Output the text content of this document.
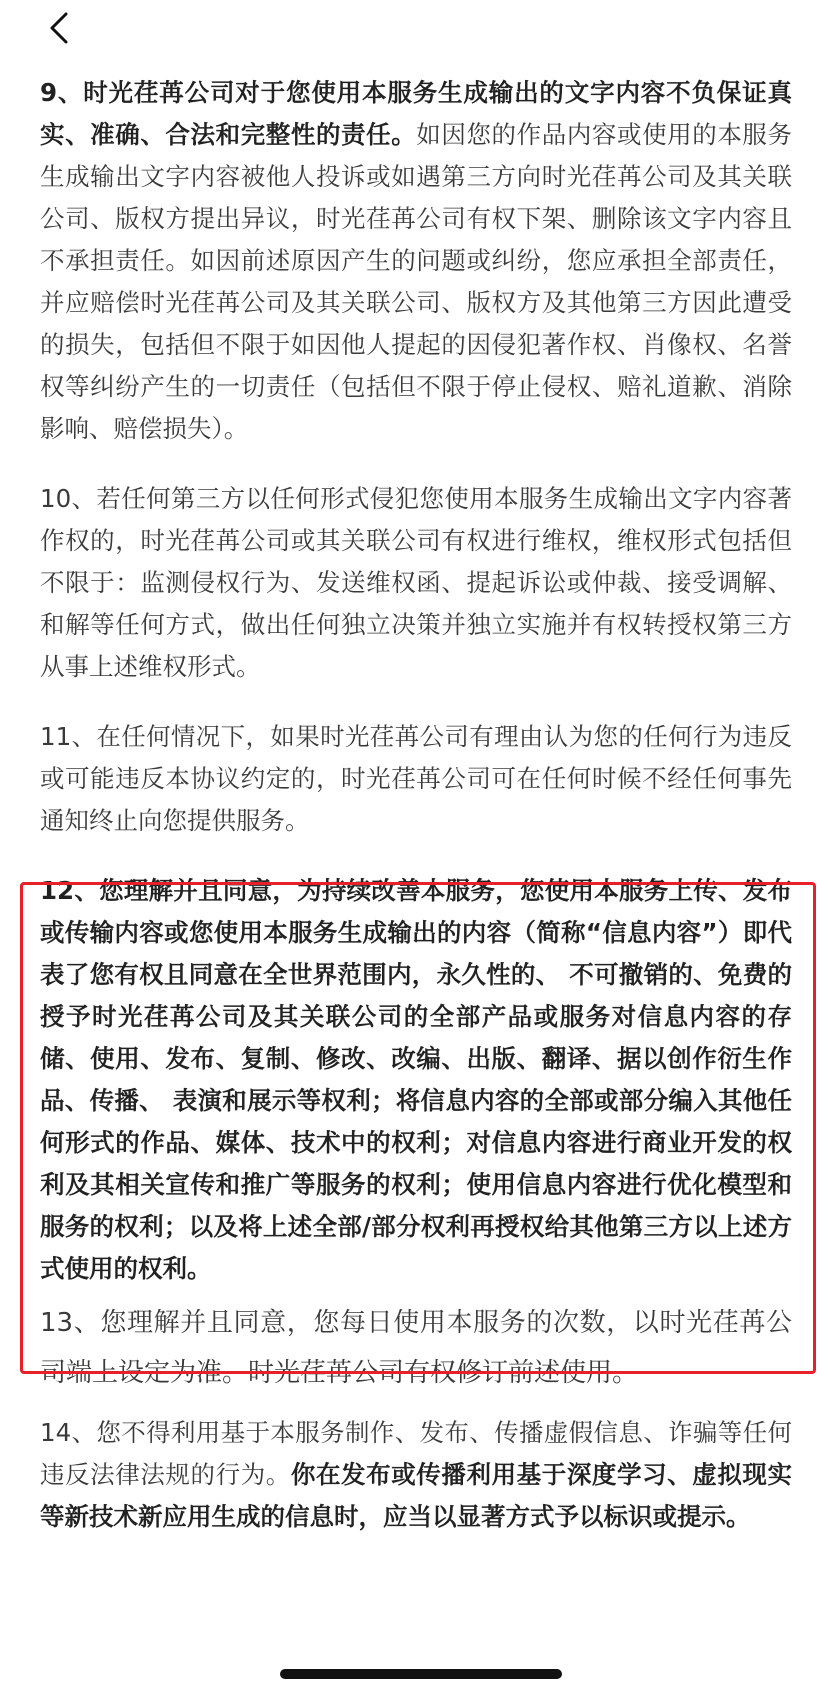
9、时光荏苒公司对于您使用本服务生成输出的文字内容不负保证真实、准确、合法和完整性的责任。如因您的作品内容或使用的本服务生成输出文字内容被他人投诉或如遇第三方向时光荏苒公司及其关联公司、版权方提出异议，时光荏苒公司有权下架、删除该文字内容且不承担责任。如因前述原因产生的问题或纠纷，您应承担全部责任，并应赔偿时光荏苒公司及其关联公司、版权方及其他第三方因此遭受的损失，包括但不限于如因他人提起的因侵犯著作权、肖像权、名誉权等纠纷产生的一切责任（包括但不限于停止侵权、赔礼道歉、消除影响、赔偿损失）。

10、若任何第三方以任何形式侵犯您使用本服务生成输出文字内容著作权的，时光荏苒公司或其关联公司有权进行维权，维权形式包括但不限于：监测侵权行为、发送维权函、提起诉讼或仲裁、接受调解、和解等任何方式，做出任何独立决策并独立实施并有权转授权第三方从事上述维权形式。

11、在任何情况下，如果时光荏苒公司有理由认为您的任何行为违反或可能违反本协议约定的，时光荏苒公司可在任何时候不经任何事先通知终止向您提供服务。

12、您理解并且同意，为持续改善本服务，您使用本服务上传、发布或传输内容或您使用本服务生成输出的内容（简称“信息内容”）即代表了您有权且同意在全世界范围内，永久性的、 不可撤销的、免费的授予时光荏苒公司及其关联公司的全部产品或服务对信息内容的存储、使用、发布、复制、修改、改编、出版、翻译、据以创作衍生作品、传播、 表演和展示等权利；将信息内容的全部或部分编入其他任何形式的作品、媒体、技术中的权利；对信息内容进行商业开发的权利及其相关宣传和推广等服务的权利；使用信息内容进行优化模型和服务的权利；以及将上述全部/部分权利再授权给其他第三方以上述方式使用的权利。

13、您理解并且同意，您每日使用本服务的次数，以时光荏苒公司端上设定为准。时光荏苒公司有权修订前述使用。

14、您不得利用基于本服务制作、发布、传播虚假信息、诈骗等任何违反法律法规的行为。你在发布或传播利用基于深度学习、虚拟现实等新技术新应用生成的信息时，应当以显著方式予以标识或提示。
